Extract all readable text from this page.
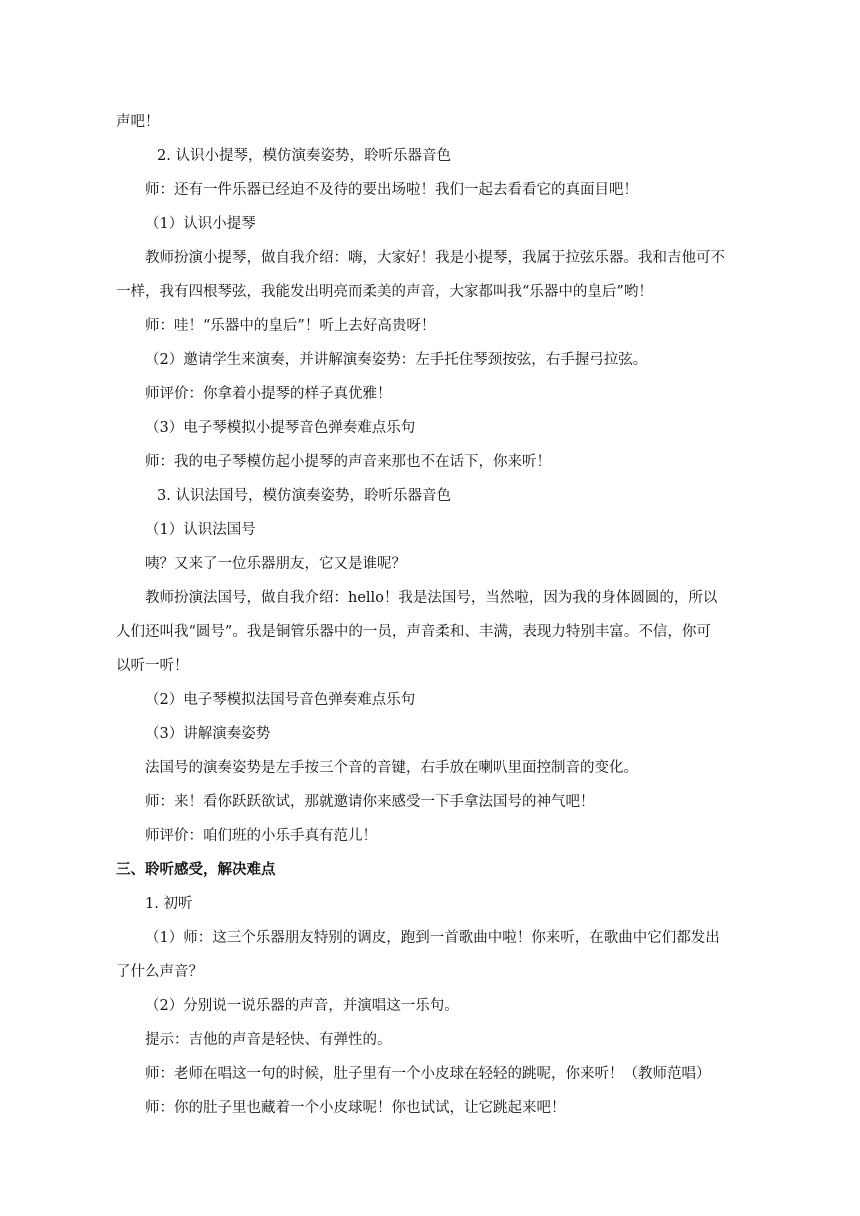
声吧！
2. 认识小提琴，模仿演奏姿势，聆听乐器音色
师：还有一件乐器已经迫不及待的要出场啦！我们一起去看看它的真面目吧！
（1）认识小提琴
教师扮演小提琴，做自我介绍：嗨，大家好！我是小提琴，我属于拉弦乐器。我和吉他可不
一样，我有四根琴弦，我能发出明亮而柔美的声音，大家都叫我“乐器中的皇后”哟！
师：哇！“乐器中的皇后”！听上去好高贵呀！
（2）邀请学生来演奏，并讲解演奏姿势：左手托住琴颈按弦，右手握弓拉弦。
师评价：你拿着小提琴的样子真优雅！
（3）电子琴模拟小提琴音色弹奏难点乐句
师：我的电子琴模仿起小提琴的声音来那也不在话下，你来听！
3. 认识法国号，模仿演奏姿势，聆听乐器音色
（1）认识法国号
咦？又来了一位乐器朋友，它又是谁呢？
教师扮演法国号，做自我介绍：hello！我是法国号，当然啦，因为我的身体圆圆的，所以
人们还叫我“圆号”。我是铜管乐器中的一员，声音柔和、丰满，表现力特别丰富。不信，你可
以听一听！
（2）电子琴模拟法国号音色弹奏难点乐句
（3）讲解演奏姿势
法国号的演奏姿势是左手按三个音的音键，右手放在喇叭里面控制音的变化。
师：来！看你跃跃欲试，那就邀请你来感受一下手拿法国号的神气吧！
师评价：咱们班的小乐手真有范儿！
三、聆听感受，解决难点
1. 初听
（1）师：这三个乐器朋友特别的调皮，跑到一首歌曲中啦！你来听，在歌曲中它们都发出
了什么声音？
（2）分别说一说乐器的声音，并演唱这一乐句。
提示：吉他的声音是轻快、有弹性的。
师：老师在唱这一句的时候，肚子里有一个小皮球在轻轻的跳呢，你来听！（教师范唱）
师：你的肚子里也藏着一个小皮球呢！你也试试，让它跳起来吧！
